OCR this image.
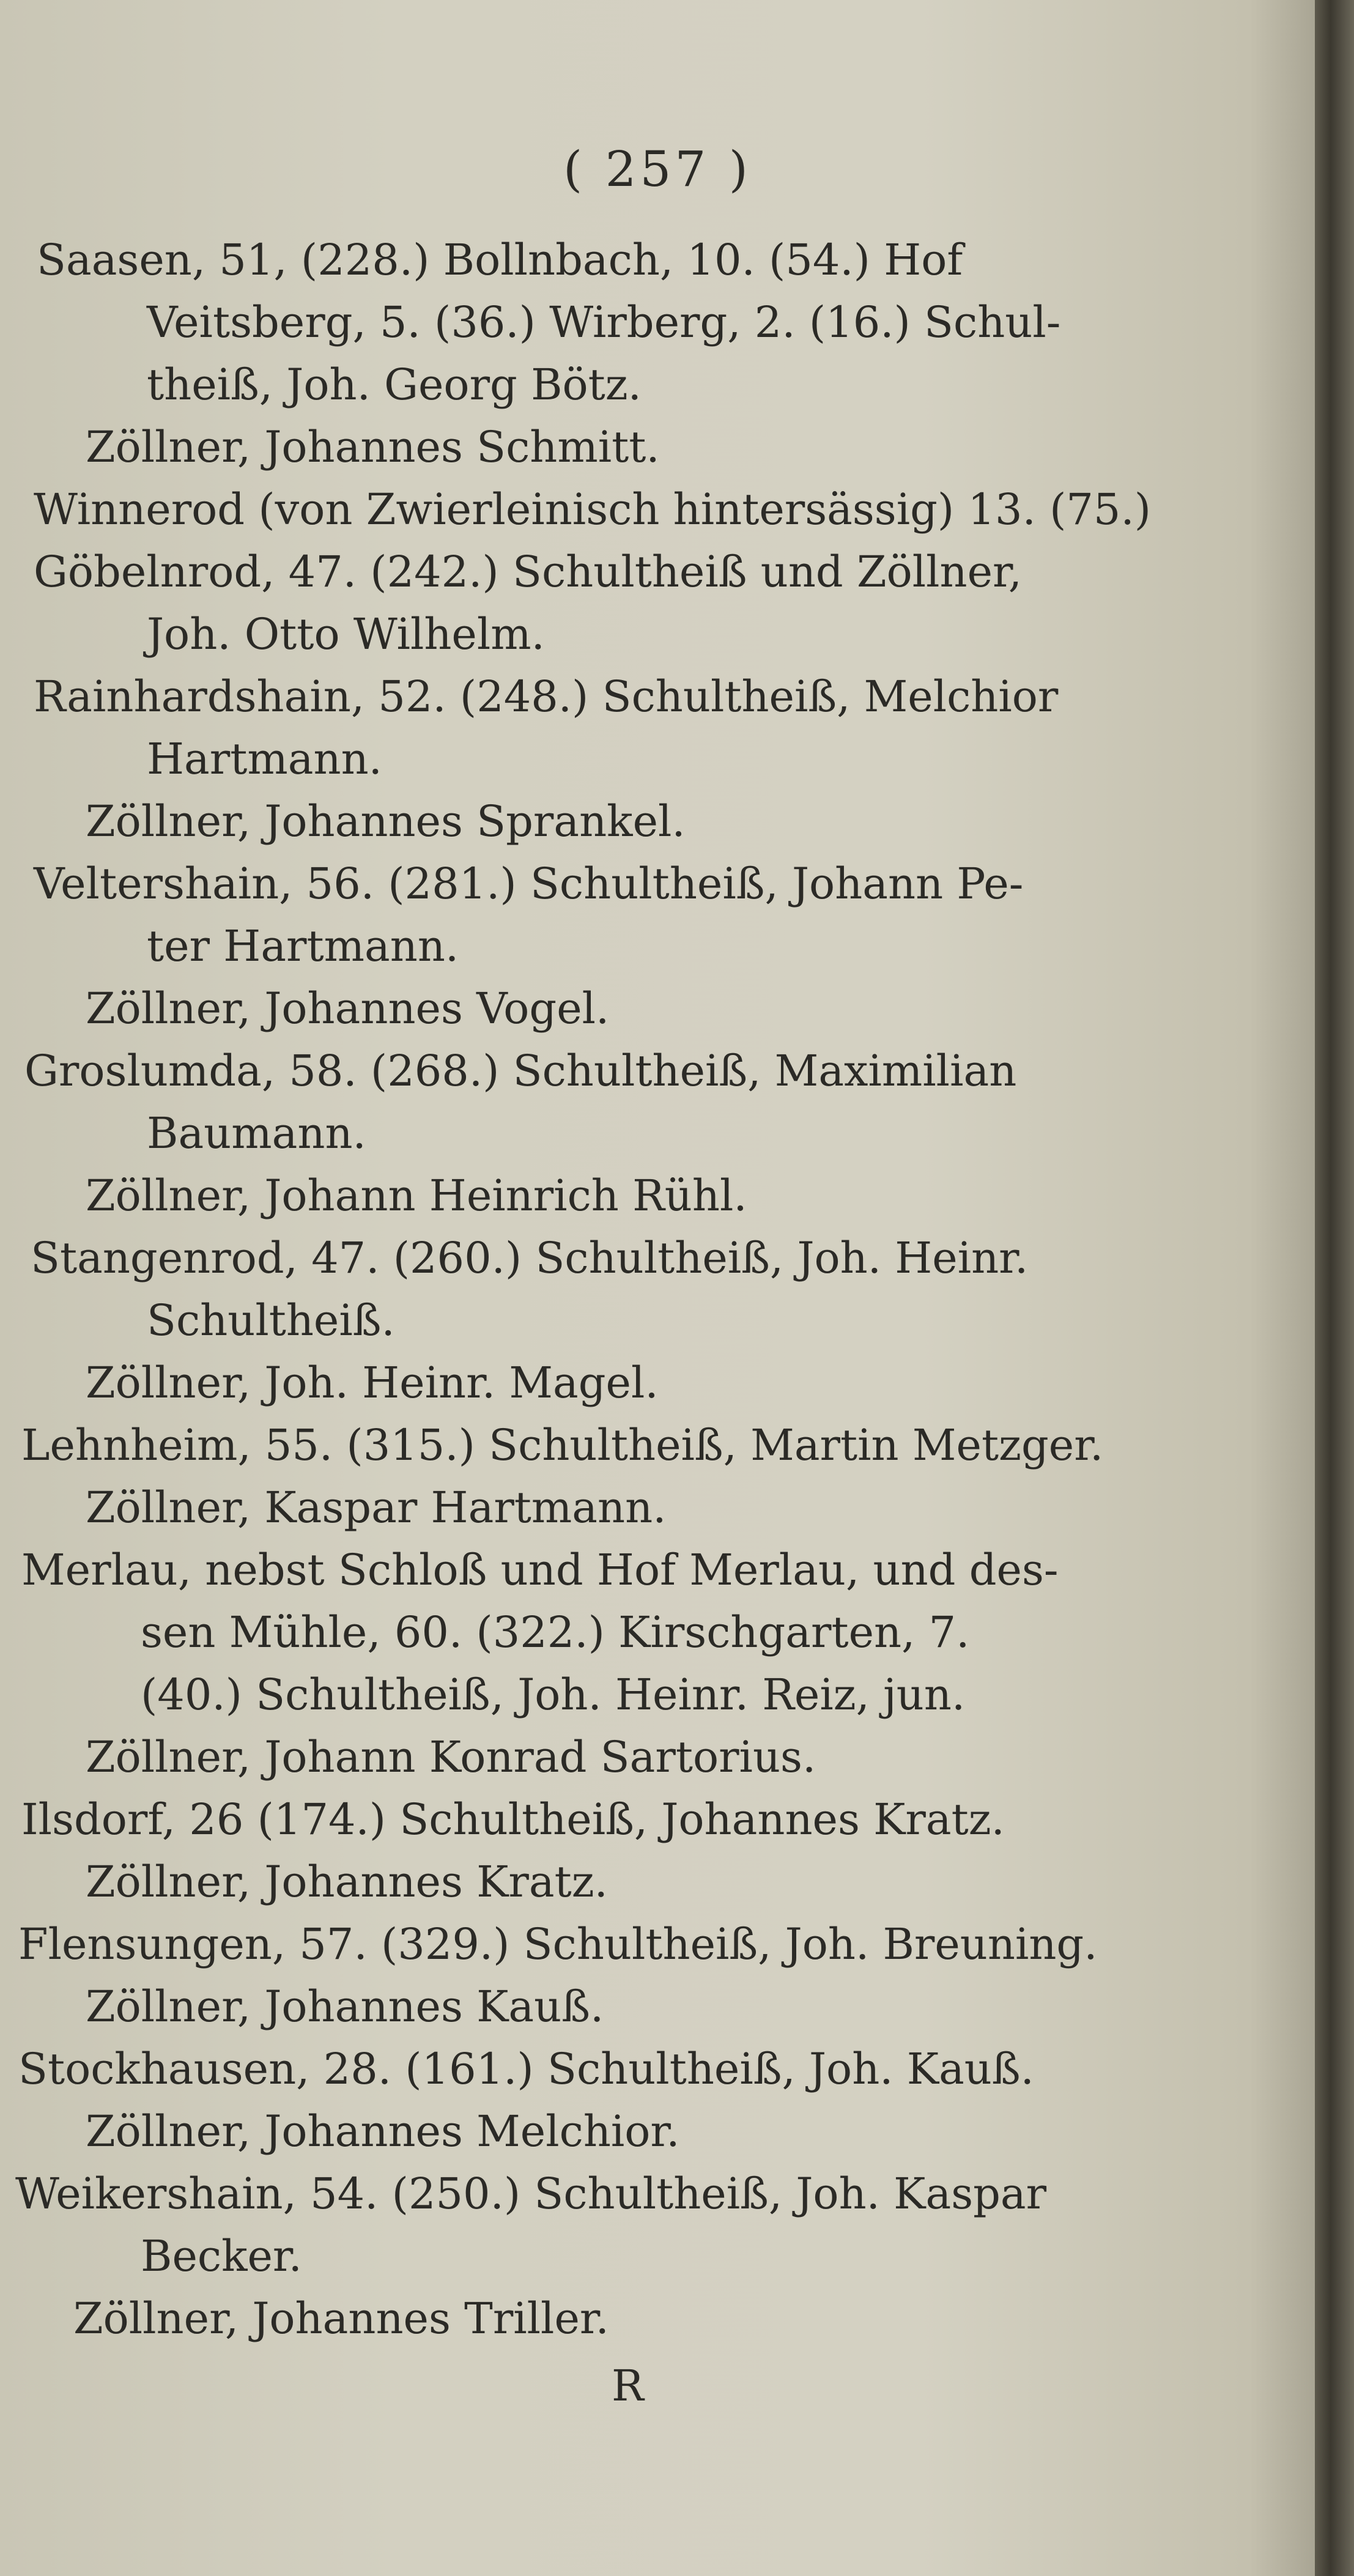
( 257 )
Saasen, 51, (228.) Bollnbach, 10. (54.) Hof
Veitsberg, 5. (36.) Wirberg, 2. (16.) Schul-
theiß, Joh. Georg Bötz.
Zöllner, Johannes Schmitt.
Winnerod (von Zwierleinisch hintersässig) 13. (75.)
Göbelnrod, 47. (242.) Schultheiß und Zöllner,
Joh. Otto Wilhelm.
Rainhardshain, 52. (248.) Schultheiß, Melchior
Hartmann.
Zöllner, Johannes Sprankel.
Veltershain, 56. (281.) Schultheiß, Johann Pe-
ter Hartmann.
Zöllner, Johannes Vogel.
Groslumda, 58. (268.) Schultheiß, Maximilian
Baumann.
Zöllner, Johann Heinrich Rühl.
Stangenrod, 47. (260.) Schultheiß, Joh. Heinr.
Schultheiß.
Zöllner, Joh. Heinr. Magel.
Lehnheim, 55. (315.) Schultheiß, Martin Metzger.
Zöllner, Kaspar Hartmann.
Merlau, nebst Schloß und Hof Merlau, und des-
sen Mühle, 60. (322.) Kirschgarten, 7.
(40.) Schultheiß, Joh. Heinr. Reiz, jun.
Zöllner, Johann Konrad Sartorius.
Ilsdorf, 26 (174.) Schultheiß, Johannes Kratz.
Zöllner, Johannes Kratz.
Flensungen, 57. (329.) Schultheiß, Joh. Breuning.
Zöllner, Johannes Kauß.
Stockhausen, 28. (161.) Schultheiß, Joh. Kauß.
Zöllner, Johannes Melchior.
Weikershain, 54. (250.) Schultheiß, Joh. Kaspar
Becker.
Zöllner, Johannes Triller.
R
